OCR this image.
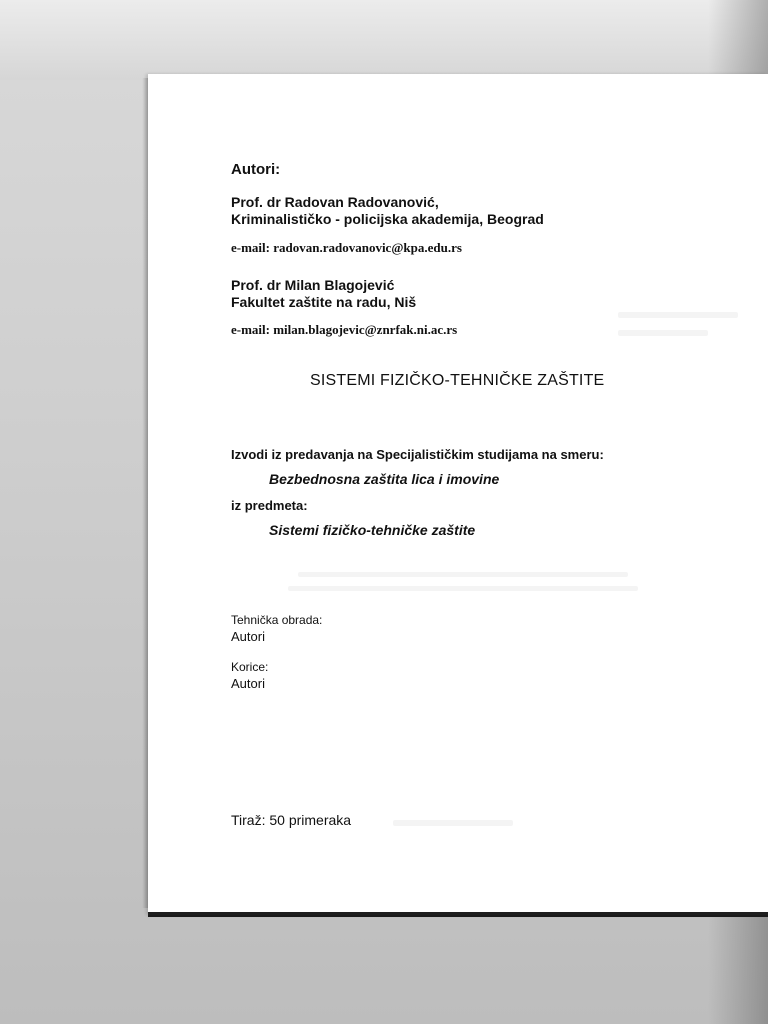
Autori:
Prof. dr Radovan Radovanović,
Kriminalističko - policijska akademija, Beograd
e-mail: radovan.radovanovic@kpa.edu.rs
Prof. dr Milan Blagojević
Fakultet zaštite na radu, Niš
e-mail: milan.blagojevic@znrfak.ni.ac.rs
SISTEMI FIZIČKO-TEHNIČKE ZAŠTITE
Izvodi iz predavanja na Specijalističkim studijama na smeru:
Bezbednosna zaštita lica i imovine
iz predmeta:
Sistemi fizičko-tehničke zaštite
Tehnička obrada:
Autori
Korice:
Autori
Tiraž: 50 primeraka
